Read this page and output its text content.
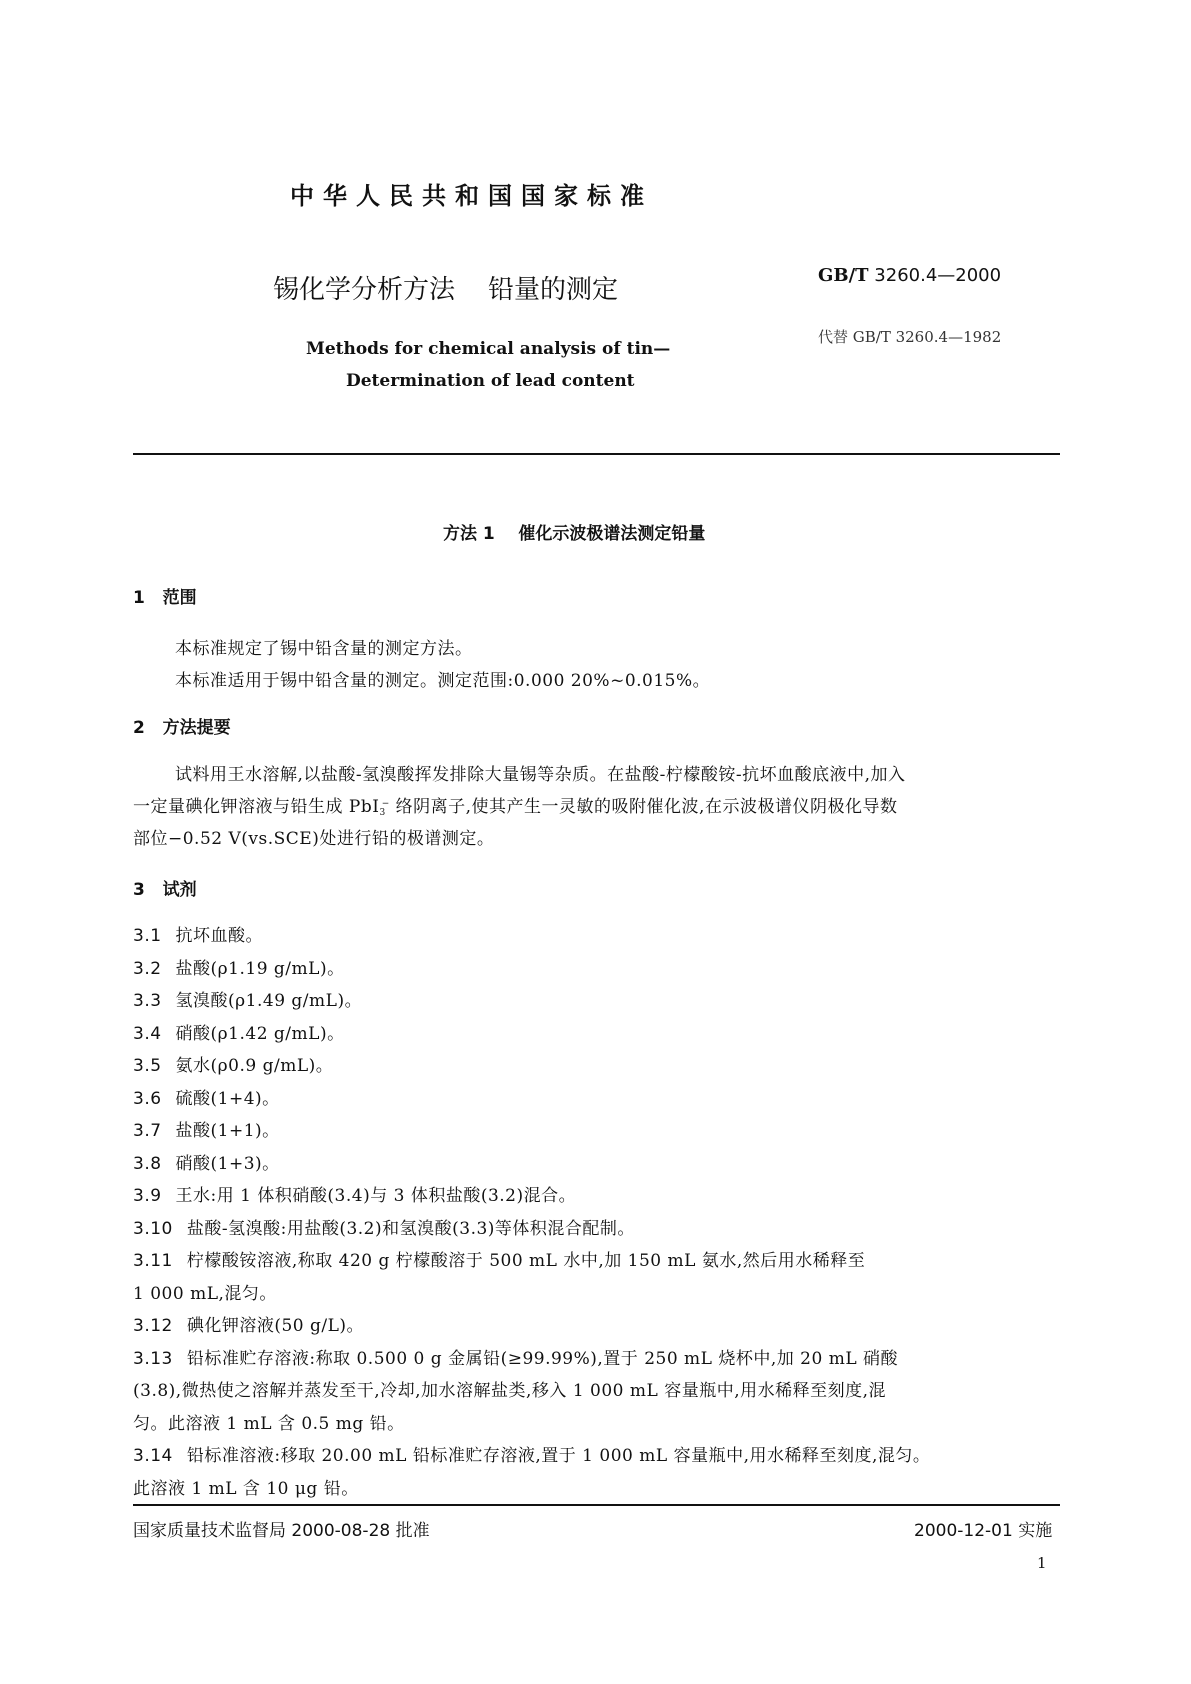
中华人民共和国国家标准
锡化学分析方法    铅量的测定	GB/T 3260.4—2000
代替 GB/T 3260.4—1982
Methods for chemical analysis of tin—
Determination of lead content
方法 1    催化示波极谱法测定铅量
1   范围
本标准规定了锡中铅含量的测定方法。
本标准适用于锡中铅含量的测定。测定范围:0.000 20%~0.015%。
2   方法提要
试料用王水溶解,以盐酸-氢溴酸挥发排除大量锡等杂质。在盐酸-柠檬酸铵-抗坏血酸底液中,加入
一定量碘化钾溶液与铅生成 PbI$_3$− 络阴离子,使其产生一灵敏的吸附催化波,在示波极谱仪阴极化导数
部位−0.52 V(vs.SCE)处进行铅的极谱测定。
3   试剂
3.1 抗坏血酸。
3.2 盐酸(ρ1.19 g/mL)。
3.3 氢溴酸(ρ1.49 g/mL)。
3.4 硝酸(ρ1.42 g/mL)。
3.5 氨水(ρ0.9 g/mL)。
3.6 硫酸(1+4)。
3.7 盐酸(1+1)。
3.8 硝酸(1+3)。
3.9 王水:用 1 体积硝酸(3.4)与 3 体积盐酸(3.2)混合。
3.10 盐酸-氢溴酸:用盐酸(3.2)和氢溴酸(3.3)等体积混合配制。
3.11 柠檬酸铵溶液,称取 420 g 柠檬酸溶于 500 mL 水中,加 150 mL 氨水,然后用水稀释至
1 000 mL,混匀。
3.12 碘化钾溶液(50 g/L)。
3.13 铅标准贮存溶液:称取 0.500 0 g 金属铅(≥99.99%),置于 250 mL 烧杯中,加 20 mL 硝酸
(3.8),微热使之溶解并蒸发至干,冷却,加水溶解盐类,移入 1 000 mL 容量瓶中,用水稀释至刻度,混
匀。此溶液 1 mL 含 0.5 mg 铅。
3.14 铅标准溶液:移取 20.00 mL 铅标准贮存溶液,置于 1 000 mL 容量瓶中,用水稀释至刻度,混匀。
此溶液 1 mL 含 10 μg 铅。
国家质量技术监督局 2000-08-28 批准	2000-12-01 实施
1
